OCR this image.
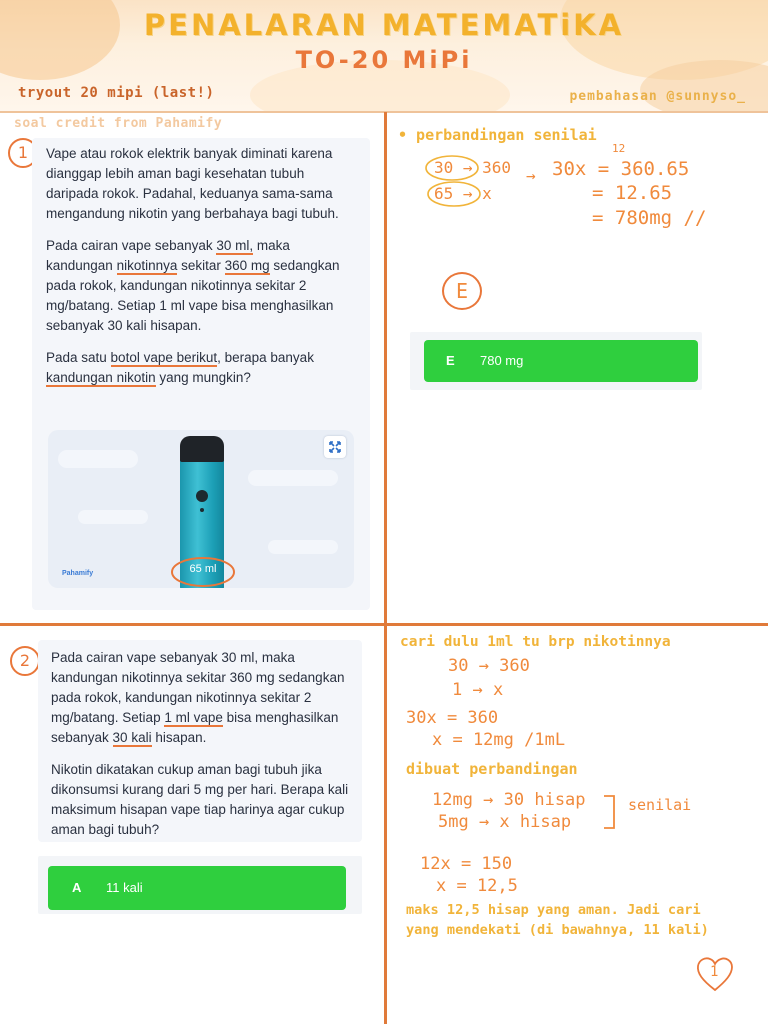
PENALARAN MATEMATiKA
TO-20 MiPi
tryout 20 mipi (last!)	pembahasan @sunnyso_
soal credit from Pahamify
1	Vape atau rokok elektrik banyak diminati karena dianggap lebih aman bagi kesehatan tubuh daripada rokok. Padahal, keduanya sama-sama mengandung nikotin yang berbahaya bagi tubuh.

Pada cairan vape sebanyak 30 ml, maka kandungan nikotinnya sekitar 360 mg sedangkan pada rokok, kandungan nikotinnya sekitar 2 mg/batang. Setiap 1 ml vape bisa menghasilkan sebanyak 30 kali hisapan.

Pada satu botol vape berikut, berapa banyak kandungan nikotin yang mungkin?

65 ml
Pahamify
• perbandingan senilai
12
30 → 360
65 → x
→ 30x = 360.65
= 12.65
= 780mg //
E
E 780 mg
2	Pada cairan vape sebanyak 30 ml, maka kandungan nikotinnya sekitar 360 mg sedangkan pada rokok, kandungan nikotinnya sekitar 2 mg/batang. Setiap 1 ml vape bisa menghasilkan sebanyak 30 kali hisapan.

Nikotin dikatakan cukup aman bagi tubuh jika dikonsumsi kurang dari 5 mg per hari. Berapa kali maksimum hisapan vape tiap harinya agar cukup aman bagi tubuh?

A 11 kali
cari dulu 1ml tu brp nikotinnya
30 → 360
1 → x
30x = 360
x = 12mg /1mL
dibuat perbandingan
12mg → 30 hisap
5mg → x hisap
senilai
12x = 150
x = 12,5
maks 12,5 hisap yang aman. Jadi cari
yang mendekati (di bawahnya, 11 kali)
1
